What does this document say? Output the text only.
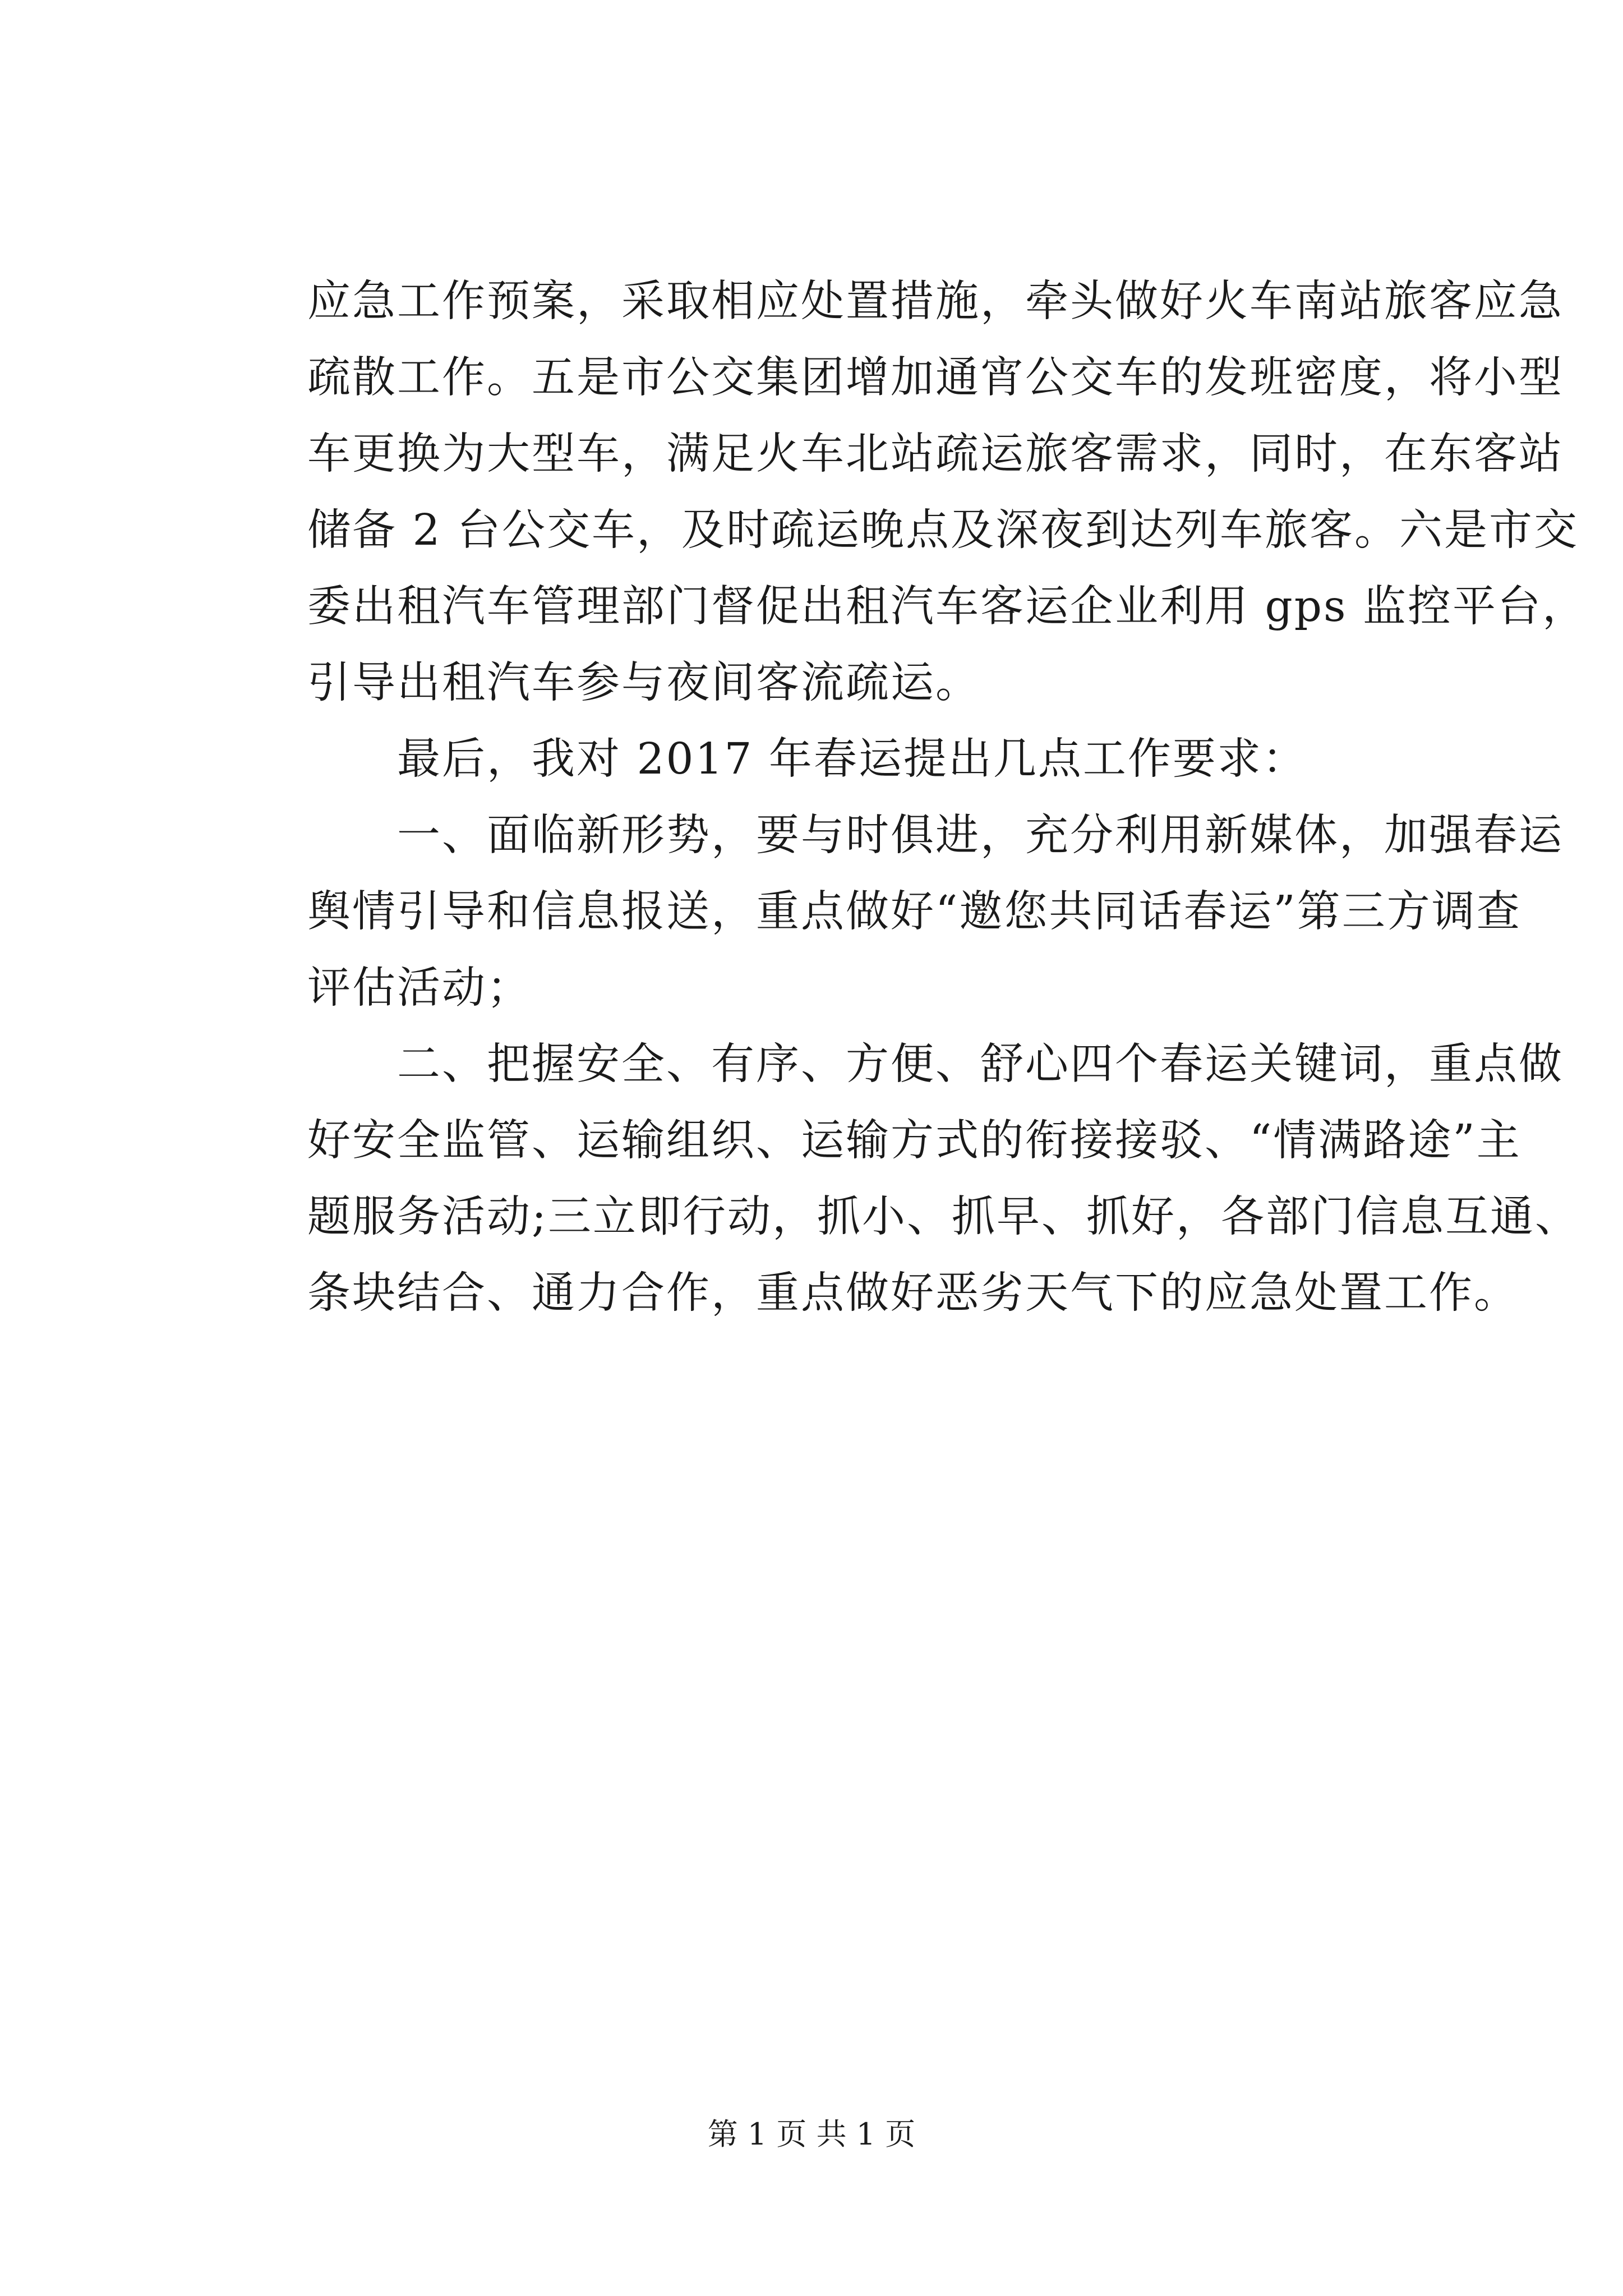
应急工作预案，采取相应处置措施，牵头做好火车南站旅客应急
疏散工作。五是市公交集团增加通宵公交车的发班密度，将小型
车更换为大型车，满足火车北站疏运旅客需求，同时，在东客站
储备 2 台公交车，及时疏运晚点及深夜到达列车旅客。六是市交
委出租汽车管理部门督促出租汽车客运企业利用 gps 监控平台，
引导出租汽车参与夜间客流疏运。
　　最后，我对 2017 年春运提出几点工作要求：
　　一、面临新形势，要与时俱进，充分利用新媒体，加强春运
舆情引导和信息报送，重点做好“邀您共同话春运”第三方调查
评估活动；
　　二、把握安全、有序、方便、舒心四个春运关键词，重点做
好安全监管、运输组织、运输方式的衔接接驳、“情满路途”主
题服务活动;三立即行动，抓小、抓早、抓好，各部门信息互通、
条块结合、通力合作，重点做好恶劣天气下的应急处置工作。
第 1 页 共 1 页
